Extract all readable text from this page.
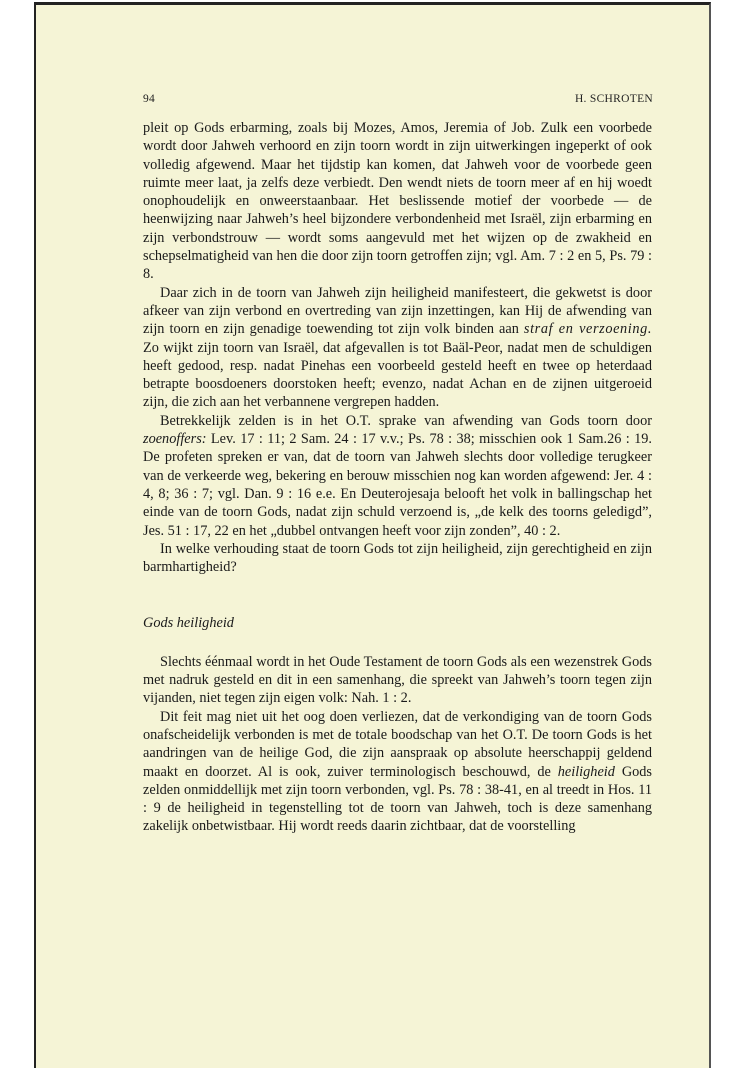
94	H. SCHROTEN

pleit op Gods erbarming, zoals bij Mozes, Amos, Jeremia of Job. Zulk een voorbede wordt door Jahweh verhoord en zijn toorn wordt in zijn uitwerkingen ingeperkt of ook volledig afgewend. Maar het tijdstip kan komen, dat Jahweh voor de voorbede geen ruimte meer laat, ja zelfs deze verbiedt. Den wendt niets de toorn meer af en hij woedt onophoudelijk en onweerstaanbaar. Het beslissende motief der voorbede — de heenwijzing naar Jahweh’s heel bijzondere verbondenheid met Israël, zijn erbarming en zijn verbondstrouw — wordt soms aangevuld met het wijzen op de zwakheid en schepselmatigheid van hen die door zijn toorn getroffen zijn; vgl. Am. 7 : 2 en 5, Ps. 79 : 8.

Daar zich in de toorn van Jahweh zijn heiligheid manifesteert, die gekwetst is door afkeer van zijn verbond en overtreding van zijn inzettingen, kan Hij de afwending van zijn toorn en zijn genadige toewending tot zijn volk binden aan straf en verzoening. Zo wijkt zijn toorn van Israël, dat afgevallen is tot Baäl-Peor, nadat men de schuldigen heeft gedood, resp. nadat Pinehas een voorbeeld gesteld heeft en twee op heterdaad betrapte boosdoeners doorstoken heeft; evenzo, nadat Achan en de zijnen uitgeroeid zijn, die zich aan het verbannene vergrepen hadden.

Betrekkelijk zelden is in het O.T. sprake van afwending van Gods toorn door zoenoffers: Lev. 17 : 11; 2 Sam. 24 : 17 v.v.; Ps. 78 : 38; misschien ook 1 Sam.26 : 19. De profeten spreken er van, dat de toorn van Jahweh slechts door volledige terugkeer van de verkeerde weg, bekering en berouw misschien nog kan worden afgewend: Jer. 4 : 4, 8; 36 : 7; vgl. Dan. 9 : 16 e.e. En Deuterojesaja belooft het volk in ballingschap het einde van de toorn Gods, nadat zijn schuld verzoend is, „de kelk des toorns geledigd”, Jes. 51 : 17, 22 en het „dubbel ontvangen heeft voor zijn zonden”, 40 : 2.

In welke verhouding staat de toorn Gods tot zijn heiligheid, zijn gerechtigheid en zijn barmhartigheid?

Gods heiligheid

Slechts éénmaal wordt in het Oude Testament de toorn Gods als een wezenstrek Gods met nadruk gesteld en dit in een samenhang, die spreekt van Jahweh’s toorn tegen zijn vijanden, niet tegen zijn eigen volk: Nah. 1 : 2.

Dit feit mag niet uit het oog doen verliezen, dat de verkondiging van de toorn Gods onafscheidelijk verbonden is met de totale boodschap van het O.T. De toorn Gods is het aandringen van de heilige God, die zijn aanspraak op absolute heerschappij geldend maakt en doorzet. Al is ook, zuiver terminologisch beschouwd, de heiligheid Gods zelden onmiddellijk met zijn toorn verbonden, vgl. Ps. 78 : 38-41, en al treedt in Hos. 11 : 9 de heiligheid in tegenstelling tot de toorn van Jahweh, toch is deze samenhang zakelijk onbetwistbaar. Hij wordt reeds daarin zichtbaar, dat de voorstelling
